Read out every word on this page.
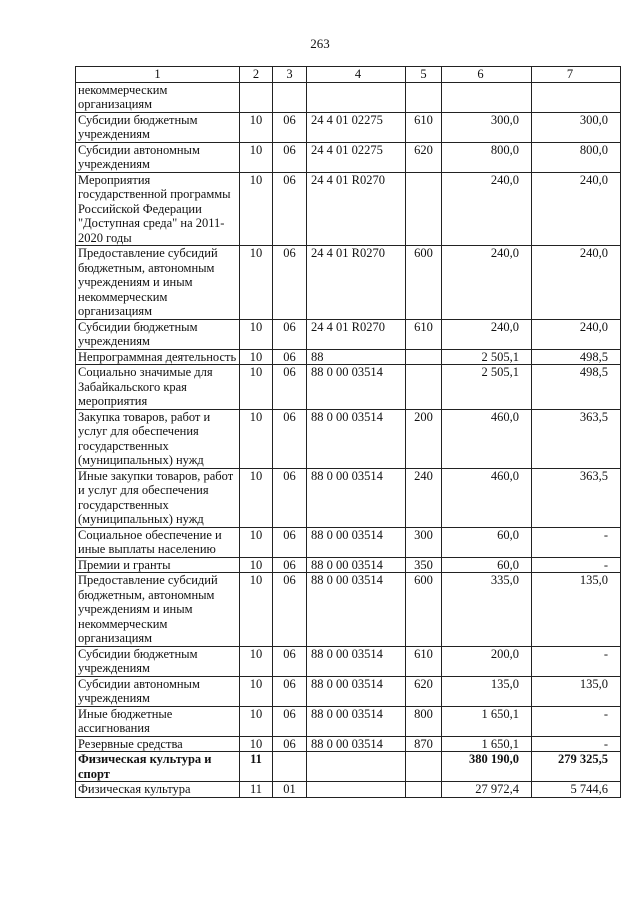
263
1	2	3	4	5	6	7
некоммерческим организациям						
Субсидии бюджетным учреждениям	10	06	24 4 01 02275	610	300,0	300,0
Субсидии автономным учреждениям	10	06	24 4 01 02275	620	800,0	800,0
Мероприятия государственной программы Российской Федерации "Доступная среда" на 2011-2020 годы	10	06	24 4 01 R0270		240,0	240,0
Предоставление субсидий бюджетным, автономным учреждениям и иным некоммерческим организациям	10	06	24 4 01 R0270	600	240,0	240,0
Субсидии бюджетным учреждениям	10	06	24 4 01 R0270	610	240,0	240,0
Непрограммная деятельность	10	06	88		2 505,1	498,5
Социально значимые для Забайкальского края мероприятия	10	06	88 0 00 03514		2 505,1	498,5
Закупка товаров, работ и услуг для обеспечения государственных (муниципальных) нужд	10	06	88 0 00 03514	200	460,0	363,5
Иные закупки товаров, работ и услуг для обеспечения государственных (муниципальных) нужд	10	06	88 0 00 03514	240	460,0	363,5
Социальное обеспечение и иные выплаты населению	10	06	88 0 00 03514	300	60,0	-
Премии и гранты	10	06	88 0 00 03514	350	60,0	-
Предоставление субсидий бюджетным, автономным учреждениям и иным некоммерческим организациям	10	06	88 0 00 03514	600	335,0	135,0
Субсидии бюджетным учреждениям	10	06	88 0 00 03514	610	200,0	-
Субсидии автономным учреждениям	10	06	88 0 00 03514	620	135,0	135,0
Иные бюджетные ассигнования	10	06	88 0 00 03514	800	1 650,1	-
Резервные средства	10	06	88 0 00 03514	870	1 650,1	-
Физическая культура и спорт	11				380 190,0	279 325,5
Физическая культура	11	01			27 972,4	5 744,6
